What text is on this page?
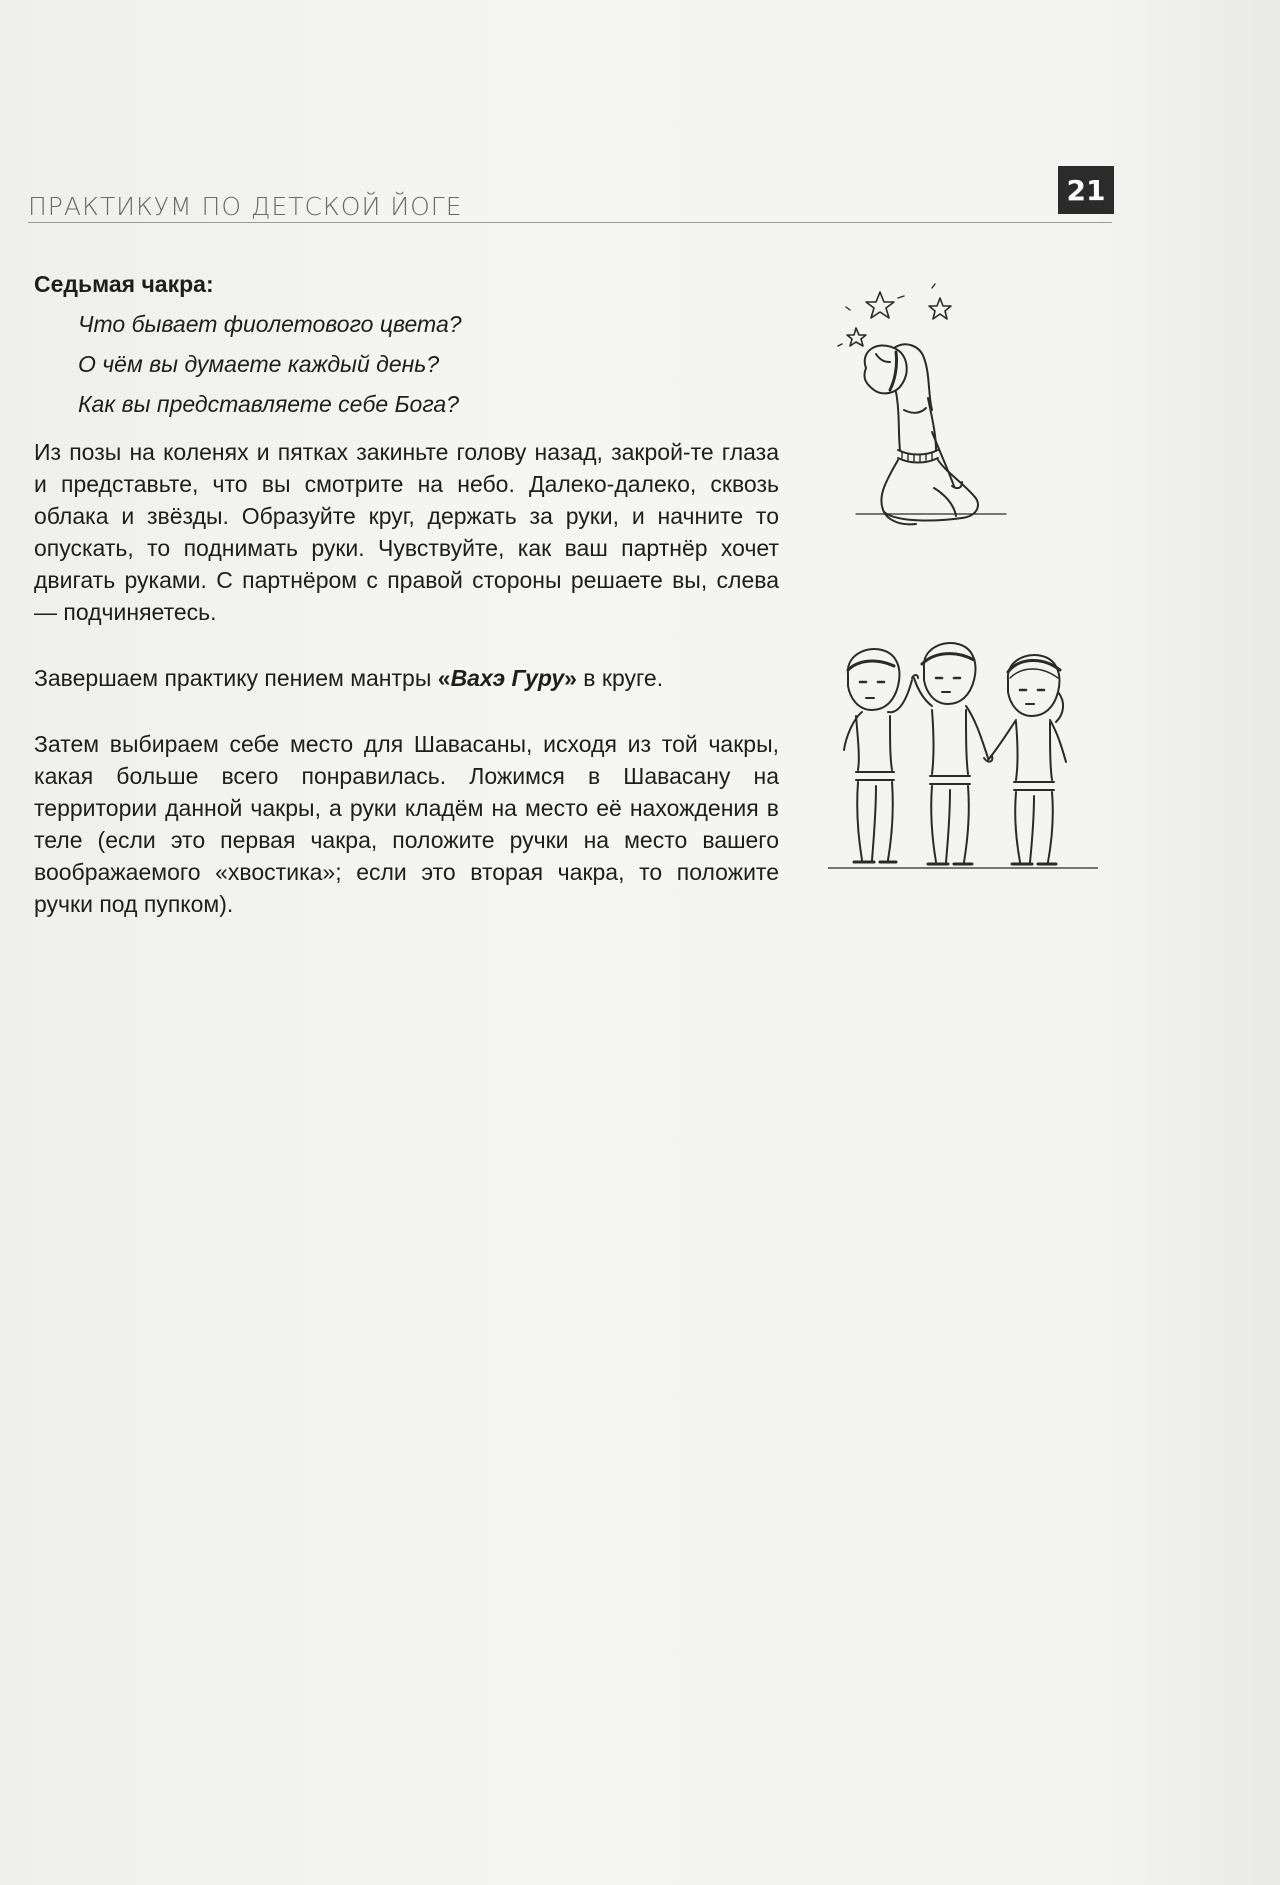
ПРАКТИКУМ ПО ДЕТСКОЙ ЙОГЕ	21
Седьмая чакра:
Что бывает фиолетового цвета?
О чём вы думаете каждый день?
Как вы представляете себе Бога?

Из позы на коленях и пятках закиньте голову назад, закрой-те глаза и представьте, что вы смотрите на небо. Далеко-далеко, сквозь облака и звёзды. Образуйте круг, держать за руки, и начните то опускать, то поднимать руки. Чувствуйте, как ваш партнёр хочет двигать руками. С партнёром с правой стороны решаете вы, слева — подчиняетесь.

Завершаем практику пением мантры «Вахэ Гуру» в круге.

Затем выбираем себе место для Шавасаны, исходя из той чакры, какая больше всего понравилась. Ложимся в Шавасану на территории данной чакры, а руки кладём на место её нахождения в теле (если это первая чакра, положите ручки на место вашего воображаемого «хвостика»; если это вторая чакра, то положите ручки под пупком).
